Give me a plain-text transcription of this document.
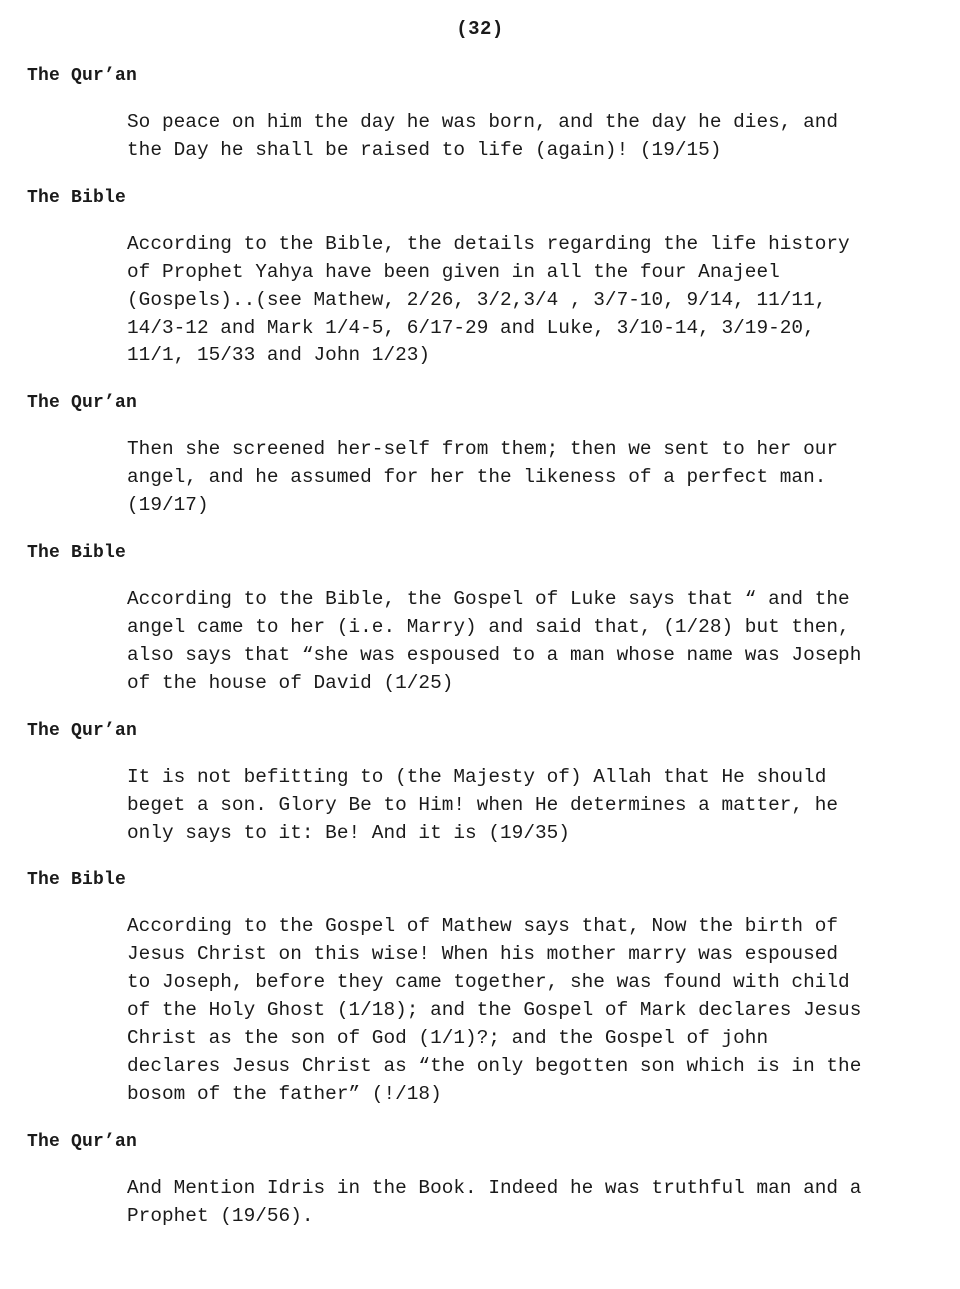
(32)
The Qur’an
So peace on him the day he was born, and the day he dies, and
the Day he shall be raised to life (again)! (19/15)
The Bible
According to the Bible, the details regarding the life history
of Prophet Yahya have been given in all the four Anajeel
(Gospels)..(see Mathew, 2/26, 3/2,3/4 , 3/7-10, 9/14, 11/11,
14/3-12 and Mark 1/4-5, 6/17-29 and Luke, 3/10-14, 3/19-20,
11/1, 15/33 and John 1/23)
The Qur’an
Then she screened her-self from them; then we sent to her our
angel, and he assumed for her the likeness of a perfect man.
(19/17)
The Bible
According to the Bible, the Gospel of Luke says that “ and the
angel came to her (i.e. Marry) and said that, (1/28) but then,
also says that “she was espoused to a man whose name was Joseph
of the house of David (1/25)
The Qur’an
It is not befitting to (the Majesty of) Allah that He should
beget a son. Glory Be to Him! when He determines a matter, he
only says to it: Be! And it is (19/35)
The Bible
According to the Gospel of Mathew says that, Now the birth of
Jesus Christ on this wise! When his mother marry was espoused
to Joseph, before they came together, she was found with child
of the Holy Ghost (1/18); and the Gospel of Mark declares Jesus
Christ as the son of God (1/1)?; and the Gospel of john
declares Jesus Christ as “the only begotten son which is in the
bosom of the father” (!/18)
The Qur’an
And Mention Idris in the Book. Indeed he was truthful man and a
Prophet (19/56).
